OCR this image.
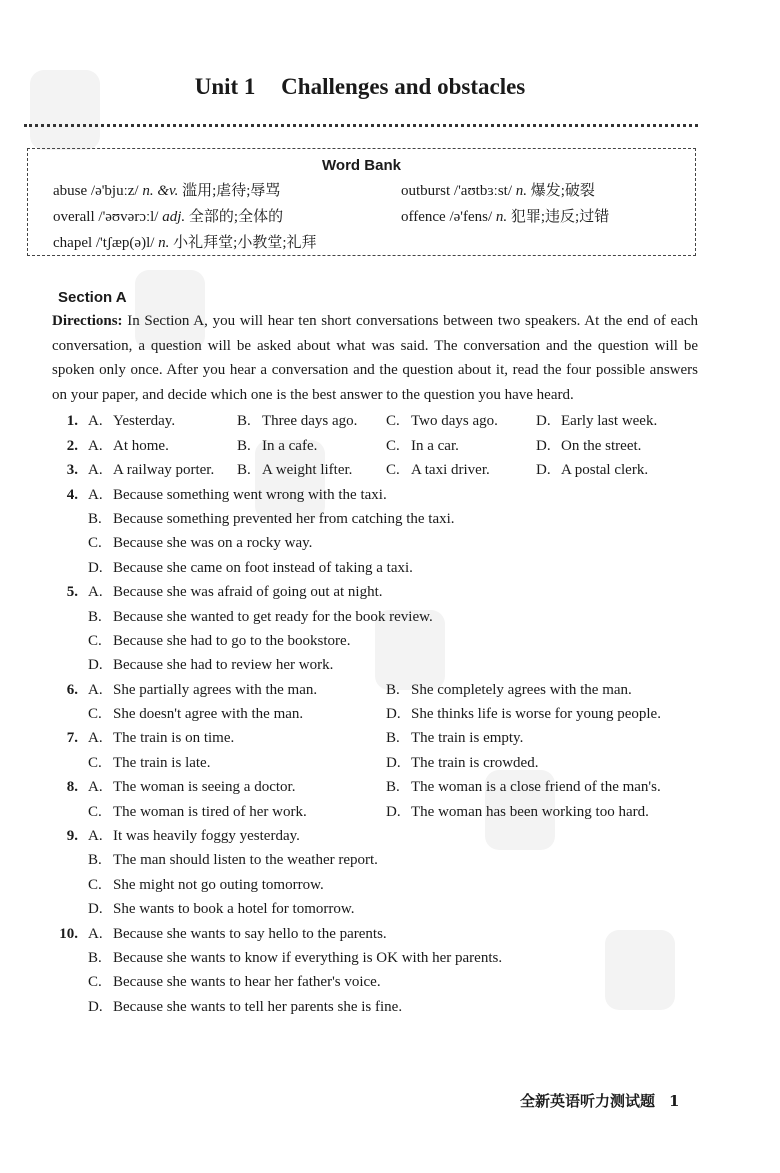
Unit 1 Challenges and obstacles
Word Bank
abuse /ə'bjuːz/ n. &v. 滥用;虐待;辱骂	outburst /'aʊtbɜːst/ n. 爆发;破裂
overall /'əʊvərɔːl/ adj. 全部的;全体的	offence /ə'fens/ n. 犯罪;违反;过错
chapel /'tʃæp(ə)l/ n. 小礼拜堂;小教堂;礼拜
Section A
Directions: In Section A, you will hear ten short conversations between two speakers. At the end of each conversation, a question will be asked about what was said. The conversation and the question will be spoken only once. After you hear a conversation and the question about it, read the four possible answers on your paper, and decide which one is the best answer to the question you have heard.
1. A. Yesterday.	B. Three days ago. C. Two days ago.	D. Early last week.
2. A. At home.	B. In a cafe.	C. In a car.	D. On the street.
3. A. A railway porter. B. A weight lifter. C. A taxi driver.	D. A postal clerk.
4. A. Because something went wrong with the taxi.
B. Because something prevented her from catching the taxi.
C. Because she was on a rocky way.
D. Because she came on foot instead of taking a taxi.
5. A. Because she was afraid of going out at night.
B. Because she wanted to get ready for the book review.
C. Because she had to go to the bookstore.
D. Because she had to review her work.
6. A. She partially agrees with the man.	B. She completely agrees with the man.
C. She doesn't agree with the man.	D. She thinks life is worse for young people.
7. A. The train is on time.	B. The train is empty.
C. The train is late.	D. The train is crowded.
8. A. The woman is seeing a doctor.	B. The woman is a close friend of the man's.
C. The woman is tired of her work.	D. The woman has been working too hard.
9. A. It was heavily foggy yesterday.
B. The man should listen to the weather report.
C. She might not go outing tomorrow.
D. She wants to book a hotel for tomorrow.
10. A. Because she wants to say hello to the parents.
B. Because she wants to know if everything is OK with her parents.
C. Because she wants to hear her father's voice.
D. Because she wants to tell her parents she is fine.
全新英语听力测试题 1
